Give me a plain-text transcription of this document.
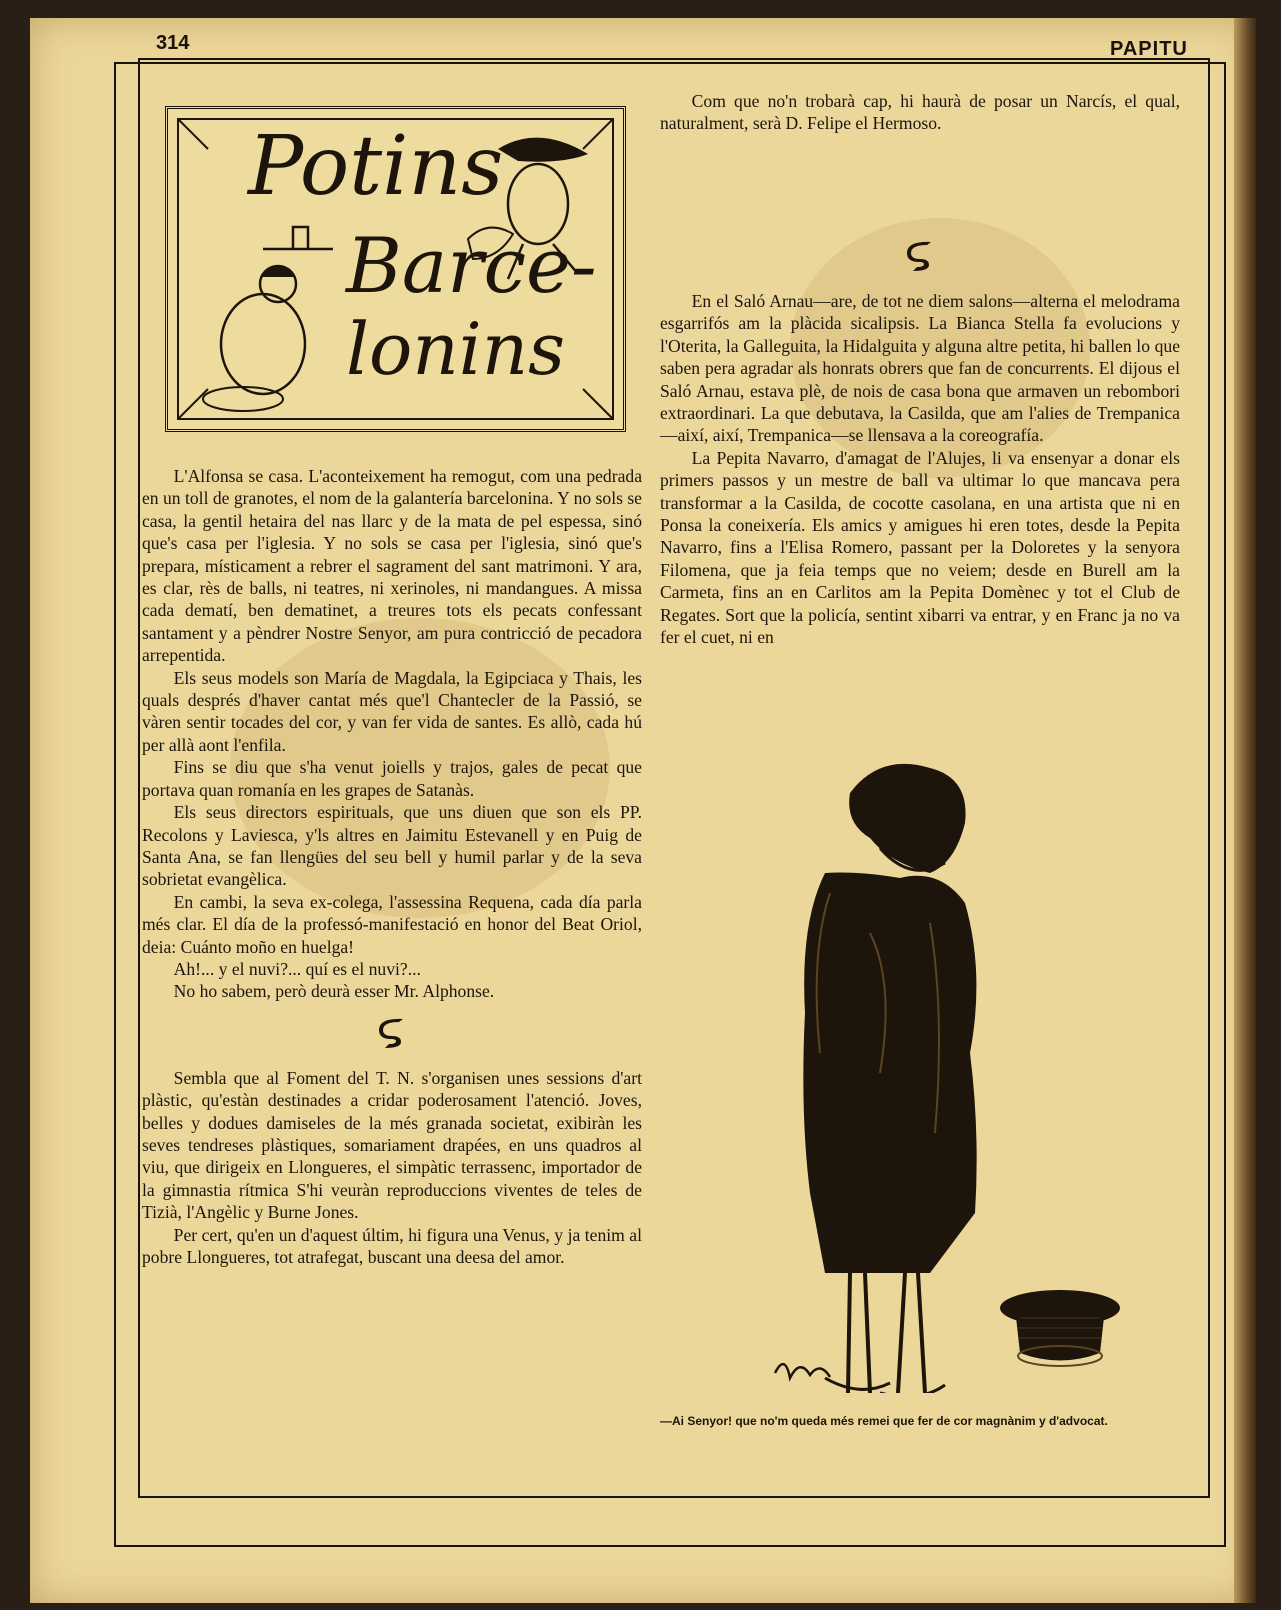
314	PAPITU
Potins
Barce-
lonins

Com que no'n trobarà cap, hi haurà de posar un Narcís, el qual, naturalment, serà D. Felipe el Hermoso.

En el Saló Arnau—are, de tot ne diem salons—alterna el melodrama esgarrifós am la plàcida sicalipsis. La Bianca Stella fa evolucions y l'Oterita, la Galleguita, la Hidalguita y alguna altre petita, hi ballen lo que saben pera agradar als honrats obrers que fan de concurrents. El dijous el Saló Arnau, estava plè, de nois de casa bona que armaven un rebombori extraordinari. La que debutava, la Casilda, que am l'alies de Trempanica—així, així, Trempanica—se llensava a la coreografía.

La Pepita Navarro, d'amagat de l'Alujes, li va ensenyar a donar els primers passos y un mestre de ball va ultimar lo que mancava pera transformar a la Casilda, de cocotte casolana, en una artista que ni en Ponsa la coneixería. Els amics y amigues hi eren totes, desde la Pepita Navarro, fins a l'Elisa Romero, passant per la Doloretes y la senyora Filomena, que ja feia temps que no veiem; desde en Burell am la Carmeta, fins an en Carlitos am la Pepita Domènec y tot el Club de Regates. Sort que la policía, sentint xibarri va entrar, y en Franc ja no va fer el cuet, ni en

L'Alfonsa se casa. L'aconteixement ha remogut, com una pedrada en un toll de granotes, el nom de la galantería barcelonina. Y no sols se casa, la gentil hetaira del nas llarc y de la mata de pel espessa, sinó que's casa per l'iglesia. Y no sols se casa per l'iglesia, sinó que's prepara, místicament a rebrer el sagrament del sant matrimoni. Y ara, es clar, rès de balls, ni teatres, ni xerinoles, ni mandangues. A missa cada dematí, ben dematinet, a treures tots els pecats confessant santament y a pèndrer Nostre Senyor, am pura contricció de pecadora arrepentida.

Els seus models son María de Magdala, la Egipciaca y Thais, les quals després d'haver cantat més que'l Chantecler de la Passió, se vàren sentir tocades del cor, y van fer vida de santes. Es allò, cada hú per allà aont l'enfila.

Fins se diu que s'ha venut joiells y trajos, gales de pecat que portava quan romanía en les grapes de Satanàs.

Els seus directors espirituals, que uns diuen que son els PP. Recolons y Laviesca, y'ls altres en Jaimitu Estevanell y en Puig de Santa Ana, se fan llengües del seu bell y humil parlar y de la seva sobrietat evangèlica.

En cambi, la seva ex-colega, l'assessina Requena, cada día parla més clar. El día de la professó-manifestació en honor del Beat Oriol, deia: Cuánto moño en huelga!

Ah!... y el nuvi?... quí es el nuvi?...

No ho sabem, però deurà esser Mr. Alphonse.

Sembla que al Foment del T. N. s'organisen unes sessions d'art plàstic, qu'estàn destinades a cridar poderosament l'atenció. Joves, belles y dodues damiseles de la més granada societat, exibiràn les seves tendreses plàstiques, somariament drapées, en uns quadros al viu, que dirigeix en Llongueres, el simpàtic terrassenc, importador de la gimnastia rítmica S'hi veuràn reproduccions viventes de teles de Tizià, l'Angèlic y Burne Jones.

Per cert, qu'en un d'aquest últim, hi figura una Venus, y ja tenim al pobre Llongueres, tot atrafegat, buscant una deesa del amor.

—Ai Senyor! que no'm queda més remei que fer de cor magnànim y d'advocat.
